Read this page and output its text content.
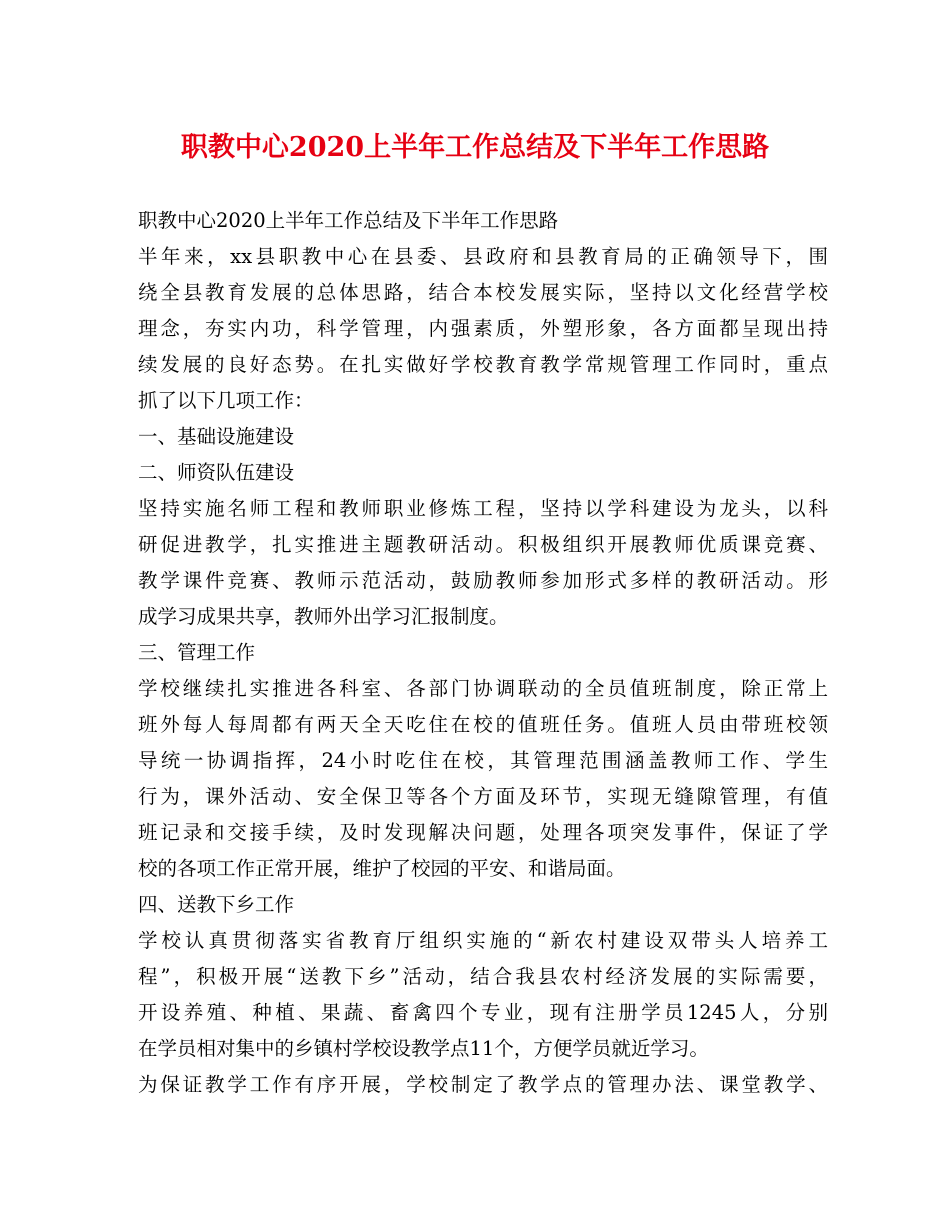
职教中心2020上半年工作总结及下半年工作思路
职教中心2020上半年工作总结及下半年工作思路
半年来，xx县职教中心在县委、县政府和县教育局的正确领导下，围
绕全县教育发展的总体思路，结合本校发展实际，坚持以文化经营学校
理念，夯实内功，科学管理，内强素质，外塑形象，各方面都呈现出持
续发展的良好态势。在扎实做好学校教育教学常规管理工作同时，重点
抓了以下几项工作：
一、基础设施建设
二、师资队伍建设
坚持实施名师工程和教师职业修炼工程，坚持以学科建设为龙头，以科
研促进教学，扎实推进主题教研活动。积极组织开展教师优质课竞赛、
教学课件竞赛、教师示范活动，鼓励教师参加形式多样的教研活动。形
成学习成果共享，教师外出学习汇报制度。
三、管理工作
学校继续扎实推进各科室、各部门协调联动的全员值班制度，除正常上
班外每人每周都有两天全天吃住在校的值班任务。值班人员由带班校领
导统一协调指挥，24小时吃住在校，其管理范围涵盖教师工作、学生
行为，课外活动、安全保卫等各个方面及环节，实现无缝隙管理，有值
班记录和交接手续，及时发现解决问题，处理各项突发事件，保证了学
校的各项工作正常开展，维护了校园的平安、和谐局面。
四、送教下乡工作
学校认真贯彻落实省教育厅组织实施的“新农村建设双带头人培养工
程”，积极开展“送教下乡”活动，结合我县农村经济发展的实际需要，
开设养殖、种植、果蔬、畜禽四个专业，现有注册学员1245人，分别
在学员相对集中的乡镇村学校设教学点11个，方便学员就近学习。
为保证教学工作有序开展，学校制定了教学点的管理办法、课堂教学、
